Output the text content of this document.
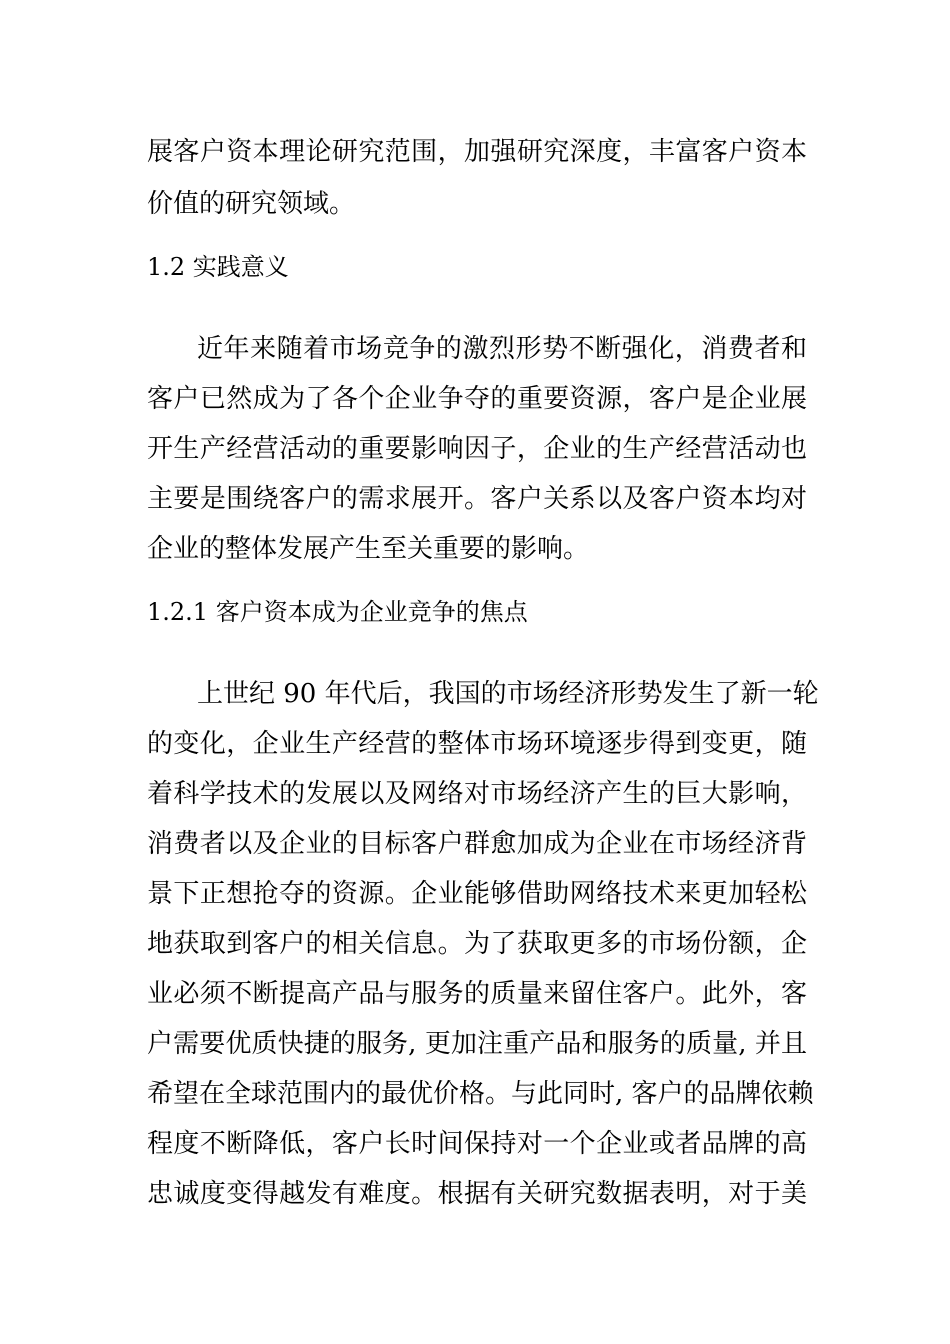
展客户资本理论研究范围，加强研究深度，丰富客户资本
价值的研究领域。
1.2 实践意义
近年来随着市场竞争的激烈形势不断强化，消费者和
客户已然成为了各个企业争夺的重要资源，客户是企业展
开生产经营活动的重要影响因子，企业的生产经营活动也
主要是围绕客户的需求展开。客户关系以及客户资本均对
企业的整体发展产生至关重要的影响。
1.2.1 客户资本成为企业竞争的焦点
上世纪 90 年代后，我国的市场经济形势发生了新一轮
的变化，企业生产经营的整体市场环境逐步得到变更，随
着科学技术的发展以及网络对市场经济产生的巨大影响，
消费者以及企业的目标客户群愈加成为企业在市场经济背
景下正想抢夺的资源。企业能够借助网络技术来更加轻松
地获取到客户的相关信息。为了获取更多的市场份额，企
业必须不断提高产品与服务的质量来留住客户。此外，客
户需要优质快捷的服务, 更加注重产品和服务的质量, 并且
希望在全球范围内的最优价格。与此同时, 客户的品牌依赖
程度不断降低，客户长时间保持对一个企业或者品牌的高
忠诚度变得越发有难度。根据有关研究数据表明，对于美
